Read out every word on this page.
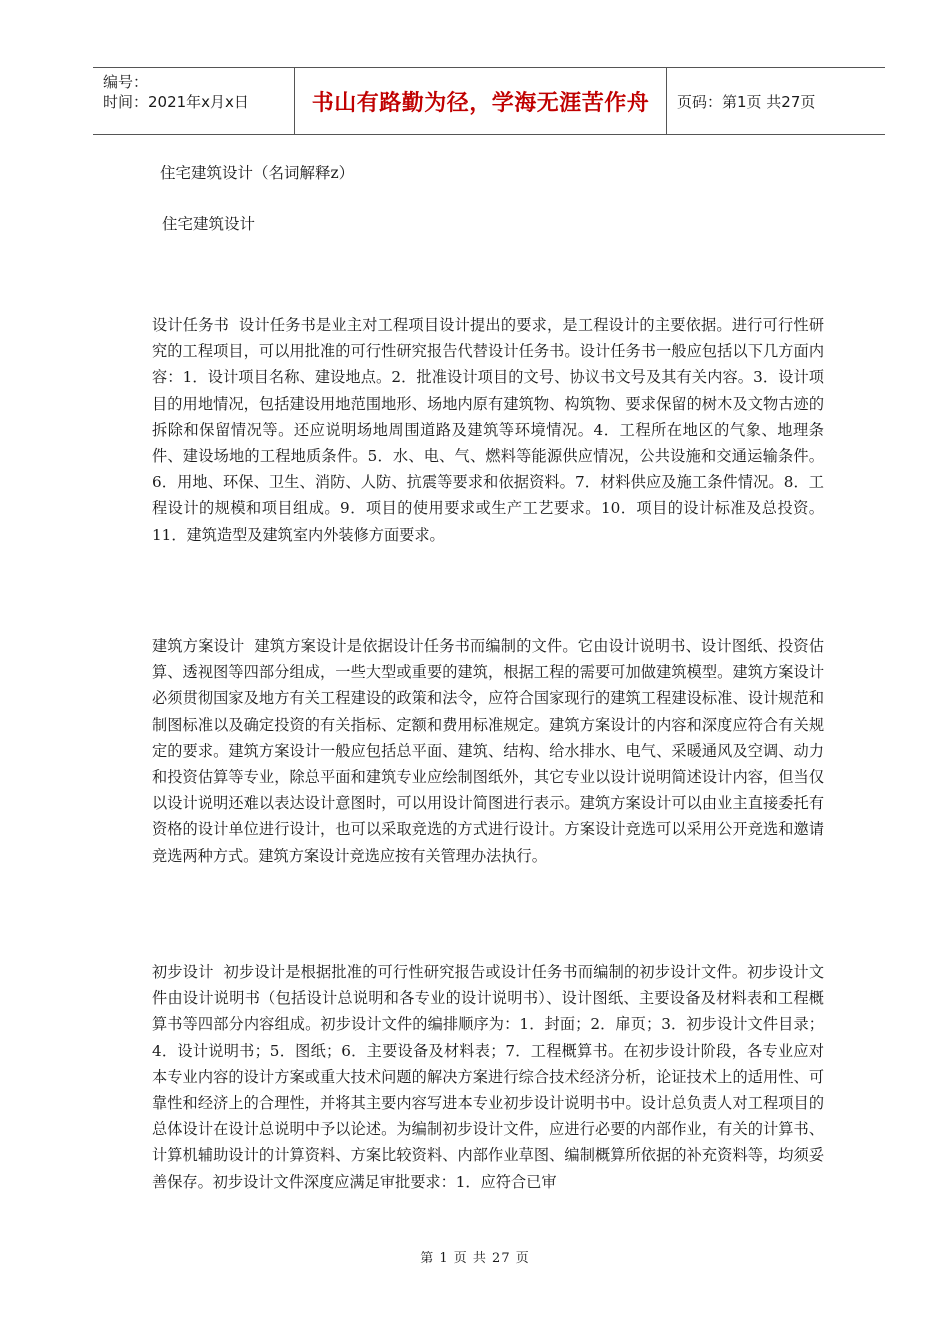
编号：
时间：2021年x月x日	书山有路勤为径，学海无涯苦作舟 页码：第1页 共27页
住宅建筑设计（名词解释z）
住宅建筑设计

设计任务书 设计任务书是业主对工程项目设计提出的要求，是工程设计的主要依据。进行可行性研究的工程项目，可以用批准的可行性研究报告代替设计任务书。设计任务书一般应包括以下几方面内容：1．设计项目名称、建设地点。2．批准设计项目的文号、协议书文号及其有关内容。3．设计项目的用地情况，包括建设用地范围地形、场地内原有建筑物、构筑物、要求保留的树木及文物古迹的拆除和保留情况等。还应说明场地周围道路及建筑等环境情况。4．工程所在地区的气象、地理条件、建设场地的工程地质条件。5．水、电、气、燃料等能源供应情况，公共设施和交通运输条件。6．用地、环保、卫生、消防、人防、抗震等要求和依据资料。7．材料供应及施工条件情况。8．工程设计的规模和项目组成。9．项目的使用要求或生产工艺要求。10．项目的设计标准及总投资。11．建筑造型及建筑室内外装修方面要求。

建筑方案设计 建筑方案设计是依据设计任务书而编制的文件。它由设计说明书、设计图纸、投资估算、透视图等四部分组成，一些大型或重要的建筑，根据工程的需要可加做建筑模型。建筑方案设计必须贯彻国家及地方有关工程建设的政策和法令，应符合国家现行的建筑工程建设标准、设计规范和制图标准以及确定投资的有关指标、定额和费用标准规定。建筑方案设计的内容和深度应符合有关规定的要求。建筑方案设计一般应包括总平面、建筑、结构、给水排水、电气、采暖通风及空调、动力和投资估算等专业，除总平面和建筑专业应绘制图纸外，其它专业以设计说明简述设计内容，但当仅以设计说明还难以表达设计意图时，可以用设计简图进行表示。建筑方案设计可以由业主直接委托有资格的设计单位进行设计，也可以采取竞选的方式进行设计。方案设计竞选可以采用公开竞选和邀请竞选两种方式。建筑方案设计竞选应按有关管理办法执行。

初步设计 初步设计是根据批准的可行性研究报告或设计任务书而编制的初步设计文件。初步设计文件由设计说明书（包括设计总说明和各专业的设计说明书）、设计图纸、主要设备及材料表和工程概算书等四部分内容组成。初步设计文件的编排顺序为：1．封面；2．扉页；3．初步设计文件目录；4．设计说明书；5．图纸；6．主要设备及材料表；7．工程概算书。在初步设计阶段，各专业应对本专业内容的设计方案或重大技术问题的解决方案进行综合技术经济分析，论证技术上的适用性、可靠性和经济上的合理性，并将其主要内容写进本专业初步设计说明书中。设计总负责人对工程项目的总体设计在设计总说明中予以论述。为编制初步设计文件，应进行必要的内部作业，有关的计算书、计算机辅助设计的计算资料、方案比较资料、内部作业草图、编制概算所依据的补充资料等，均须妥善保存。初步设计文件深度应满足审批要求：1．应符合已审

第 1 页 共 27 页
